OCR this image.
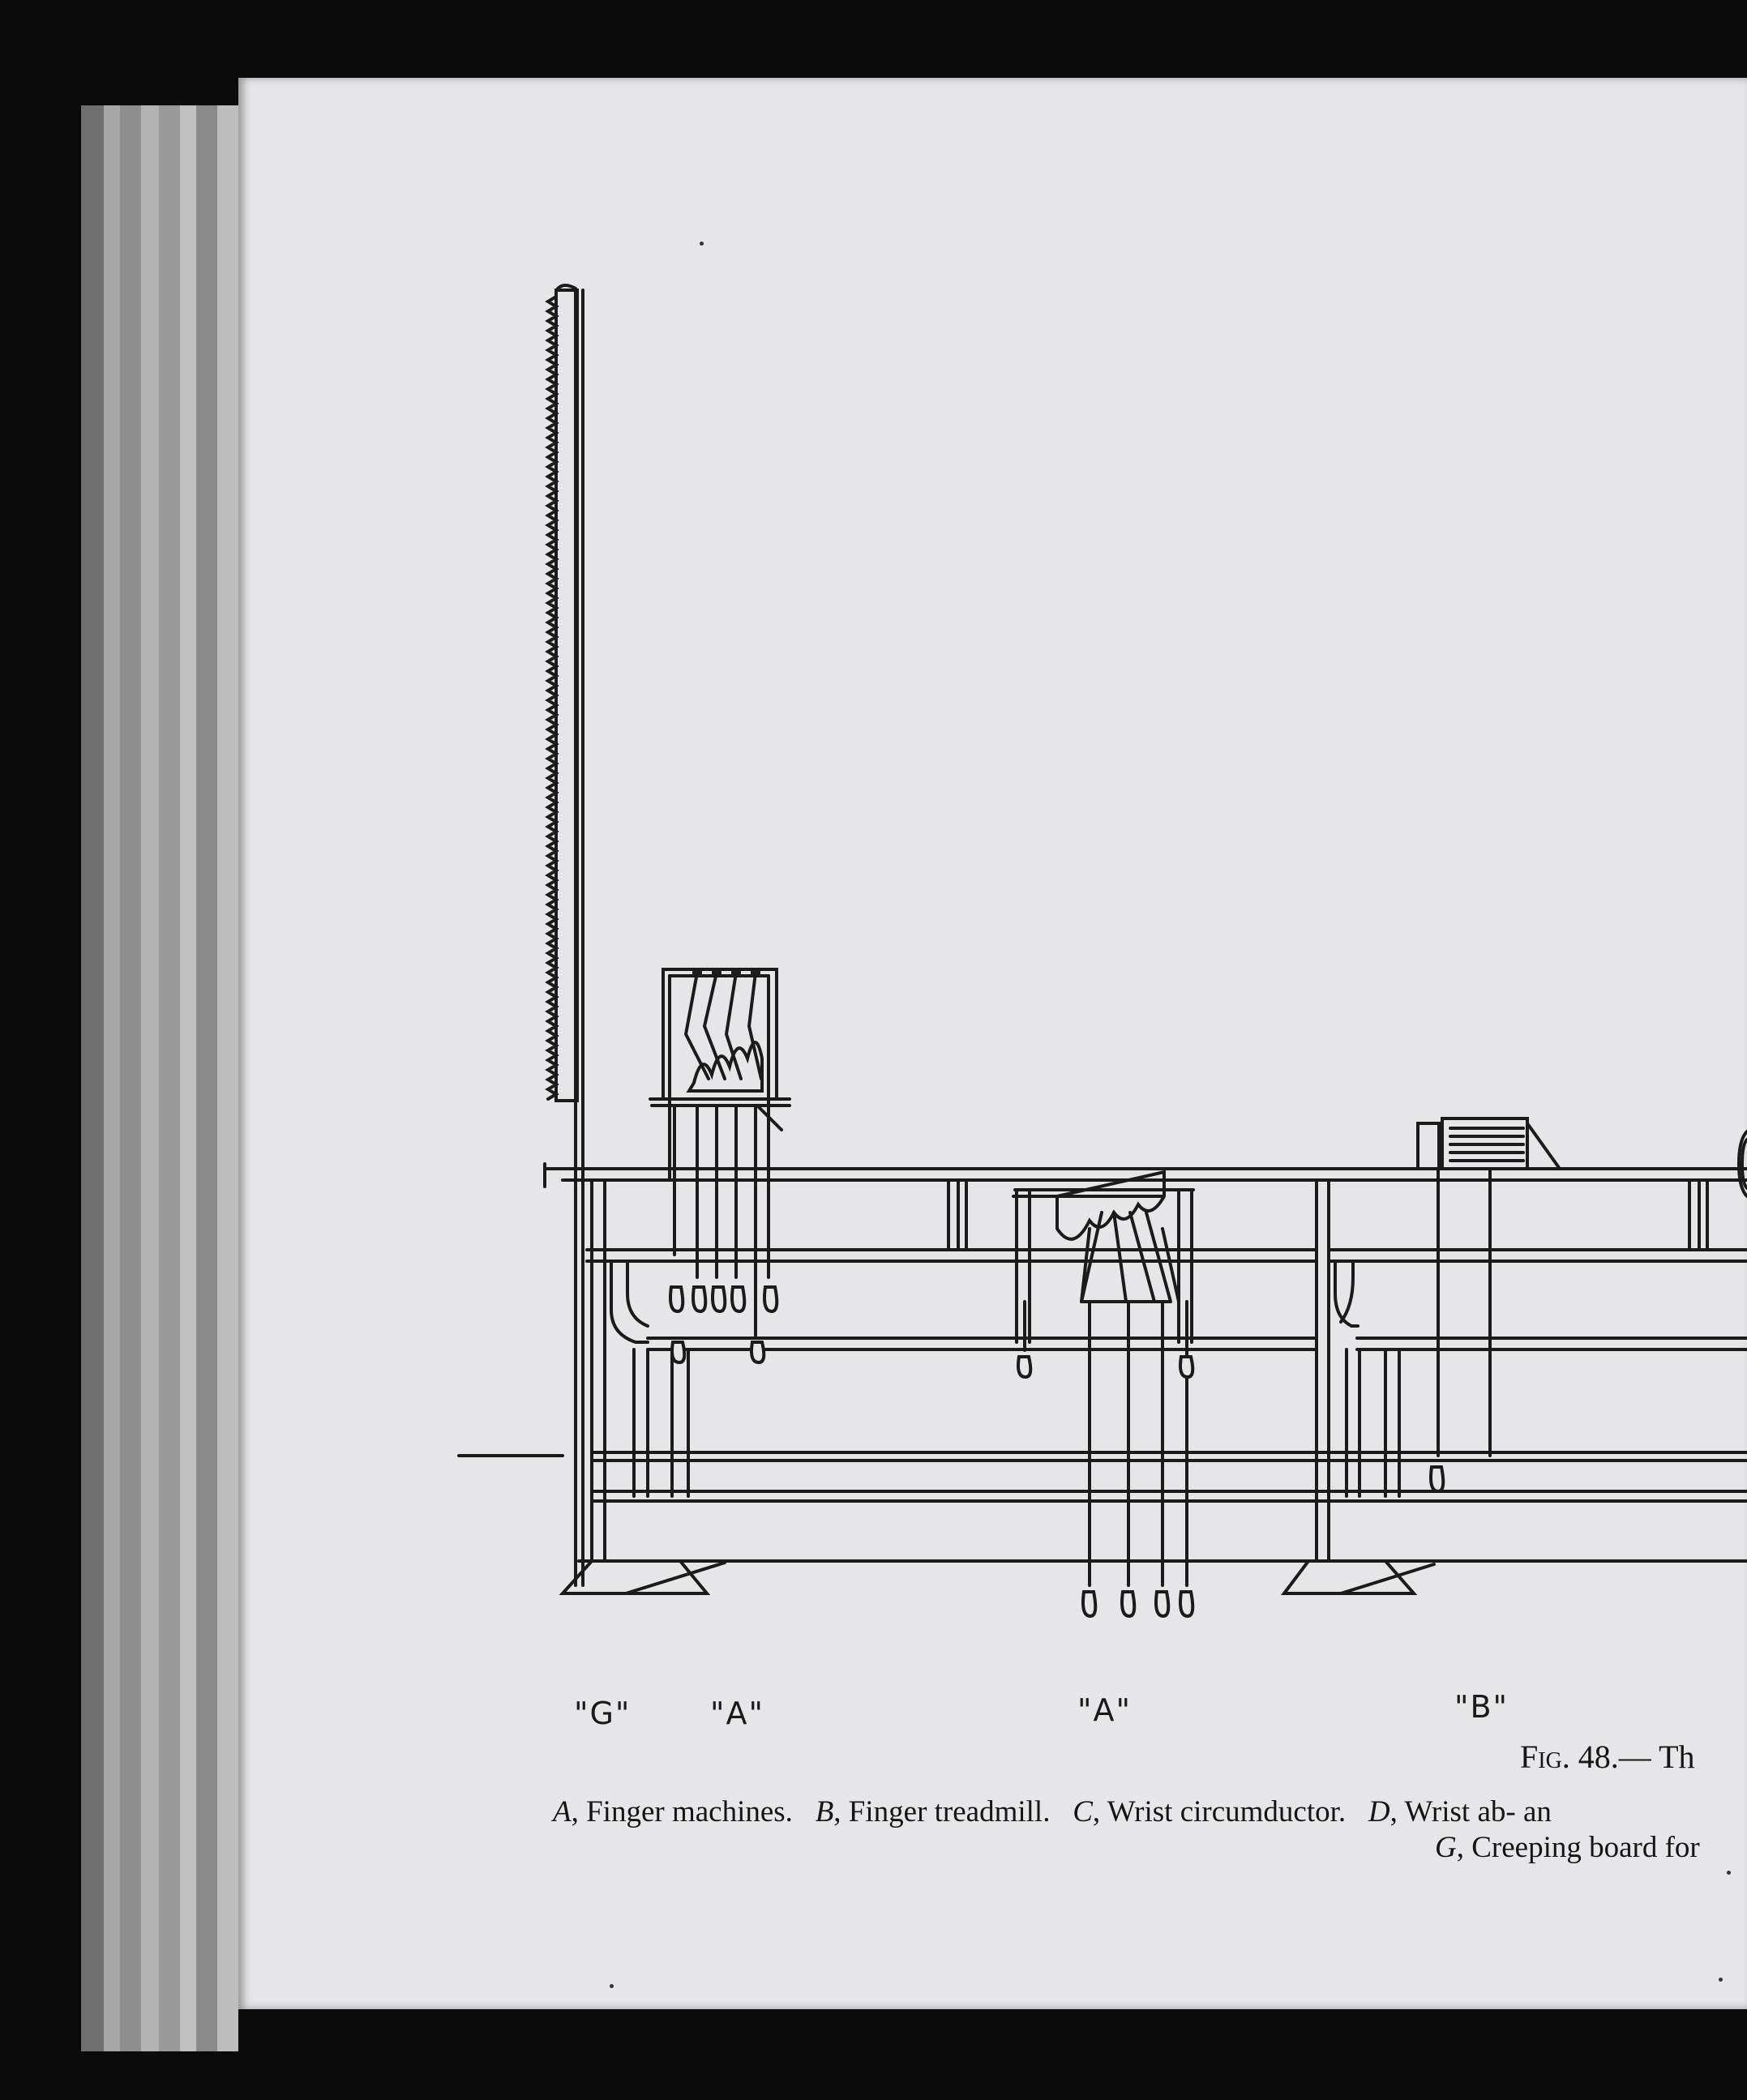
"G"	"A"	"A"	"B"
Fig. 48.— Th
A, Finger machines. B, Finger treadmill. C, Wrist circumductor. D, Wrist ab- an
G, Creeping board for
